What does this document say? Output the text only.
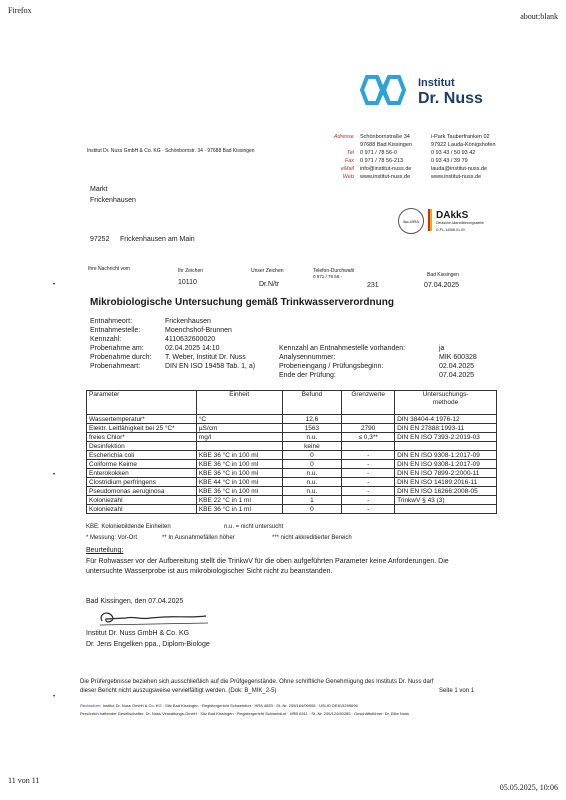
Firefox
about:blank
11 von 11
05.05.2025, 10:06
Institut
Dr. Nuss
Institut Dr. Nuss GmbH & Co. KG · Schönbornstr. 34 · 97688 Bad Kissingen
Adresse
Tel
Fax
eMail
Web
Schönbornstraße 34
97688 Bad Kissingen
0 971 / 78 56-0
0 971 / 78 56-213
info@institut-nuss.de
www.institut-nuss.de
i-Park Tauberfranken 02
97922 Lauda-Königshofen
0 93 43 / 50 93 42
0 93 43 / 39 79
lauda@institut-nuss.de
www.institut-nuss.de
ilac-MRA
DAkkS
Deutsche Akkreditierungsstelle
D-PL-14088-01-00
Markt
Frickenhausen
97252 Frickenhausen am Main
Ihre Nachricht vom	Ihr Zeichen	Unser Zeichen	Telefon-Durchwahl
0 971 / 78 56 -	Bad Kissingen
10110	Dr.N/tr	231	07.04.2025
•
•
•
Mikrobiologische Untersuchung gemäß Trinkwasserverordnung
Entnahmeort:	Frickenhausen
Entnahmestelle:	Moenchshof-Brunnen
Kennzahl:	4110632600020
Probenahme am:	02.04.2025 14:10
Probenahme durch:	T. Weber, Institut Dr. Nuss
Probenahmeart:	DIN EN ISO 19458 Tab. 1, a)
Kennzahl an Entnahmestelle vorhanden:	ja
Analysennummer:	MIK 600328
Probeneingang / Prüfungsbeginn:	02.04.2025
Ende der Prüfung:	07.04.2025
Parameter	Einheit	Befund	Grenzwerte	Untersuchungs-
methode
Wassertemperatur*	°C	12,6		DIN 38404-4:1976-12
Elektr. Leitfähigkeit bei 25 °C*	µS/cm	1563	2790	DIN EN 27888:1993-11
freies Chlor*	mg/l	n.u.	≤ 0,3**	DIN EN ISO 7393-2:2019-03
Desinfektion		keine		
Escherichia coli	KBE 36 °C in 100 ml	0	-	DIN EN ISO 9308-1:2017-09
Coliforme Keime	KBE 36 °C in 100 ml	0	-	DIN EN ISO 9308-1:2017-09
Enterokokken	KBE 36 °C in 100 ml	n.u.	-	DIN EN ISO 7899-2:2000-11
Clostridium perfringens	KBE 44 °C in 100 ml	n.u.	-	DIN EN ISO 14189:2016-11
Pseudomonas aeruginosa	KBE 36 °C in 100 ml	n.u.	-	DIN EN ISO 16266:2008-05
Koloniezahl	KBE 22 °C in 1 ml	1	-	TrinkwV § 43 (3)
Koloniezahl	KBE 36 °C in 1 ml	0	-	
KBE: Koloniebildende Einheiten	n.u. = nicht untersucht
* Messung: Vor-Ort	** In Ausnahmefällen höher	*** nicht akkreditierter Bereich
Beurteilung:
Für Rohwasser vor der Aufbereitung stellt die TrinkwV für die oben aufgeführten Parameter keine Anforderungen. Die
untersuchte Wasserprobe ist aus mikrobiologischer Sicht nicht zu beanstanden.
Bad Kissingen, den 07.04.2025
Institut Dr. Nuss GmbH & Co. KG
Dr. Jens Engelken ppa., Diplom-Biologe
Die Prüfergebnisse beziehen sich ausschließlich auf die Prüfgegenstände. Ohne schriftliche Genehmigung des Instituts Dr. Nuss darf
dieser Bericht nicht auszugsweise vervielfältigt werden. (Dok: B_MIK_2-5)	Seite 1 von 1
Rechtsform: Institut Dr. Nuss GmbH & Co. KG · Sitz Bad Kissingen · Registergericht Schweinfurt · HRA 4833 · St.-Nr. 205/164/09908 · USt-ID DE815299696
Persönlich haftender Gesellschafter: Dr. Nuss Verwaltungs-GmbH · Sitz Bad Kissingen · Registergericht Schweinfurt · HRB 6311 · St.-Nr. 205/124/80285 · Geschäftsführer: Dr. Elke Nuss
